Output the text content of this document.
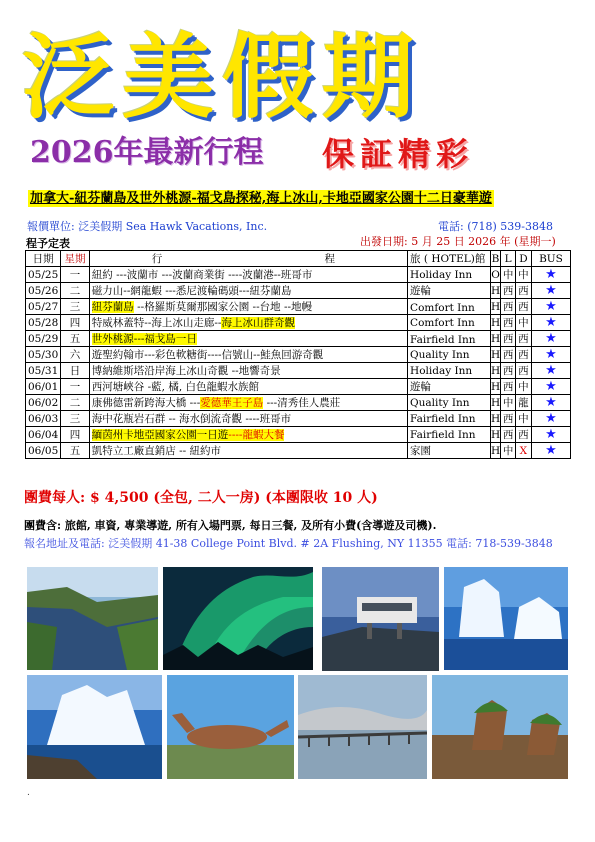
泛美假期
2026年最新行程 保証精彩
加拿大-紐芬蘭島及世外桃源-福戈島探秘,海上冰山,卡地亞國家公園十二日豪華遊
報價單位: 泛美假期 Sea Hawk Vacations, Inc.	電話: (718) 539-3848
程予定表	出發日期: 5 月 25 日 2026 年 (星期一)
日期	星期	行 程	旅 ( HOTEL)館	B	L	D	BUS
05/25	一	紐約 ---波蘭市 ---波蘭商業街 ----波蘭港--班哥市	Holiday Inn	O	中	中	★
05/26	二	磁力山--網龍蝦 ---悉尼渡輪碼頭---紐芬蘭島	遊輪	H	西	西	★
05/27	三	紐芬蘭島 --格羅斯莫爾那國家公園 --台地 --地幔	Comfort Inn	H	西	西	★
05/28	四	特威林蓋特--海上冰山走廊--海上冰山群奇觀	Comfort Inn	H	西	中	★
05/29	五	世外桃源---福戈島一日	Fairfield Inn	H	西	西	★
05/30	六	遊聖約翰市---彩色軟糖街----信號山--鮭魚回游奇觀	Quality Inn	H	西	西	★
05/31	日	博納維斯塔沿岸海上冰山奇觀 --地響奇景	Holiday Inn	H	西	西	★
06/01	一	西河塘峽谷 -藍, 橘, 白色龍蝦水族館	遊輪	H	西	中	★
06/02	二	康佛德雷新跨海大橋 ---愛德華王子島 ---清秀佳人農莊	Quality Inn	H	中	龍	★
06/03	三	海中花瓶岩石群 -- 海水倒流奇觀 ----班哥市	Fairfield Inn	H	西	中	★
06/04	四	緬茵州卡地亞國家公園一日遊----龍蝦大餐	Fairfield Inn	H	西	西	★
06/05	五	凱特立工廠直銷店 -- 紐約市	家園	H	中	X	★
團費每人: $ 4,500 (全包, 二人一房) (本團限收 10 人)
團費含: 旅館, 車資, 專業導遊, 所有入場門票, 每日三餐, 及所有小費(含導遊及司機).
報名地址及電話: 泛美假期 41-38 College Point Blvd. # 2A Flushing, NY 11355 電話: 718-539-3848
.
